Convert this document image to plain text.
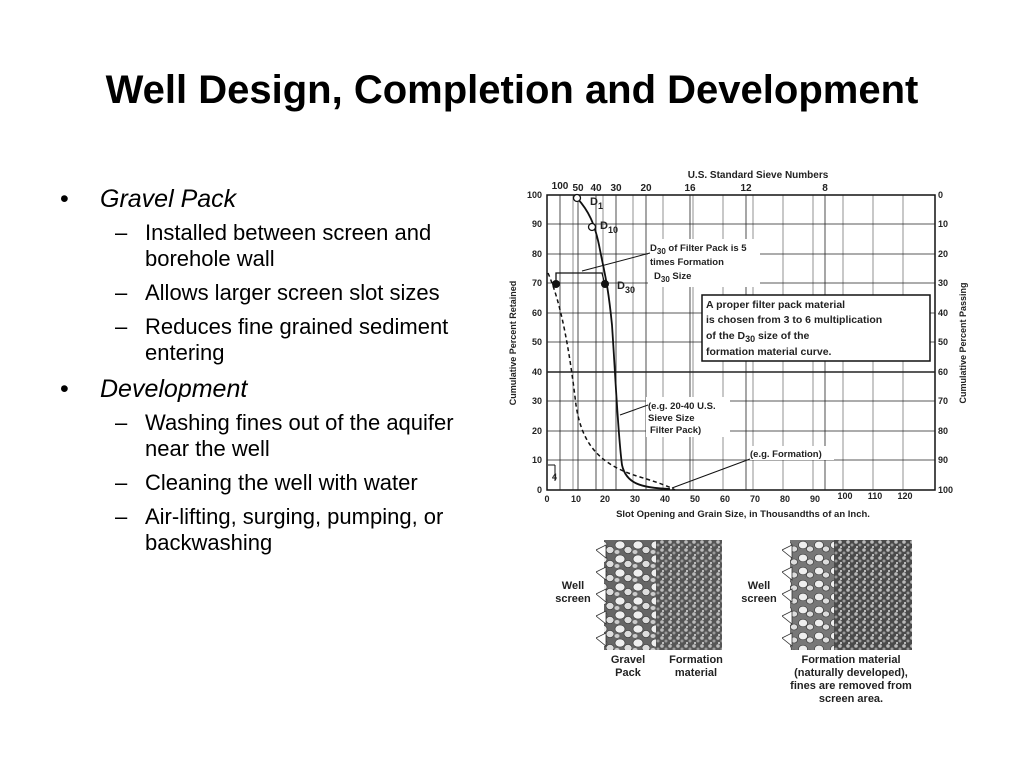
Well Design, Completion and Development
• Gravel Pack
– Installed between screen and borehole wall
– Allows larger screen slot sizes
– Reduces fine grained sediment entering
• Development
– Washing fines out of the aquifer near the well
– Cleaning the well with water
– Air-lifting, surging, pumping, or backwashing
U.S. Standard Sieve Numbers
100 50 40 30 20	16	12	8
100
90
80
70
60
50
40
30
20
10
0
0
10
20
30
40
50
60
70
80
90
100
0 10 20 30 40 50 60 70 80 90 100 110 120
Slot Opening and Grain Size, in Thousandths of an Inch.
Cumulative Percent Retained	Cumulative Percent Passing
$D_1$
$D_{10}$
$D_{30}$
4
$D_{30}$ of Filter Pack is 5
times Formation
$D_{30}$ Size
A proper filter pack material
is chosen from 3 to 6 multiplication
of the D30 size of the
formation material curve.
(e.g. 20-40 U.S.
Sieve Size
Filter Pack)
(e.g. Formation)
Well screen
Gravel Pack
Formation material
Well screen
Formation material (naturally developed), fines are removed from screen area.
